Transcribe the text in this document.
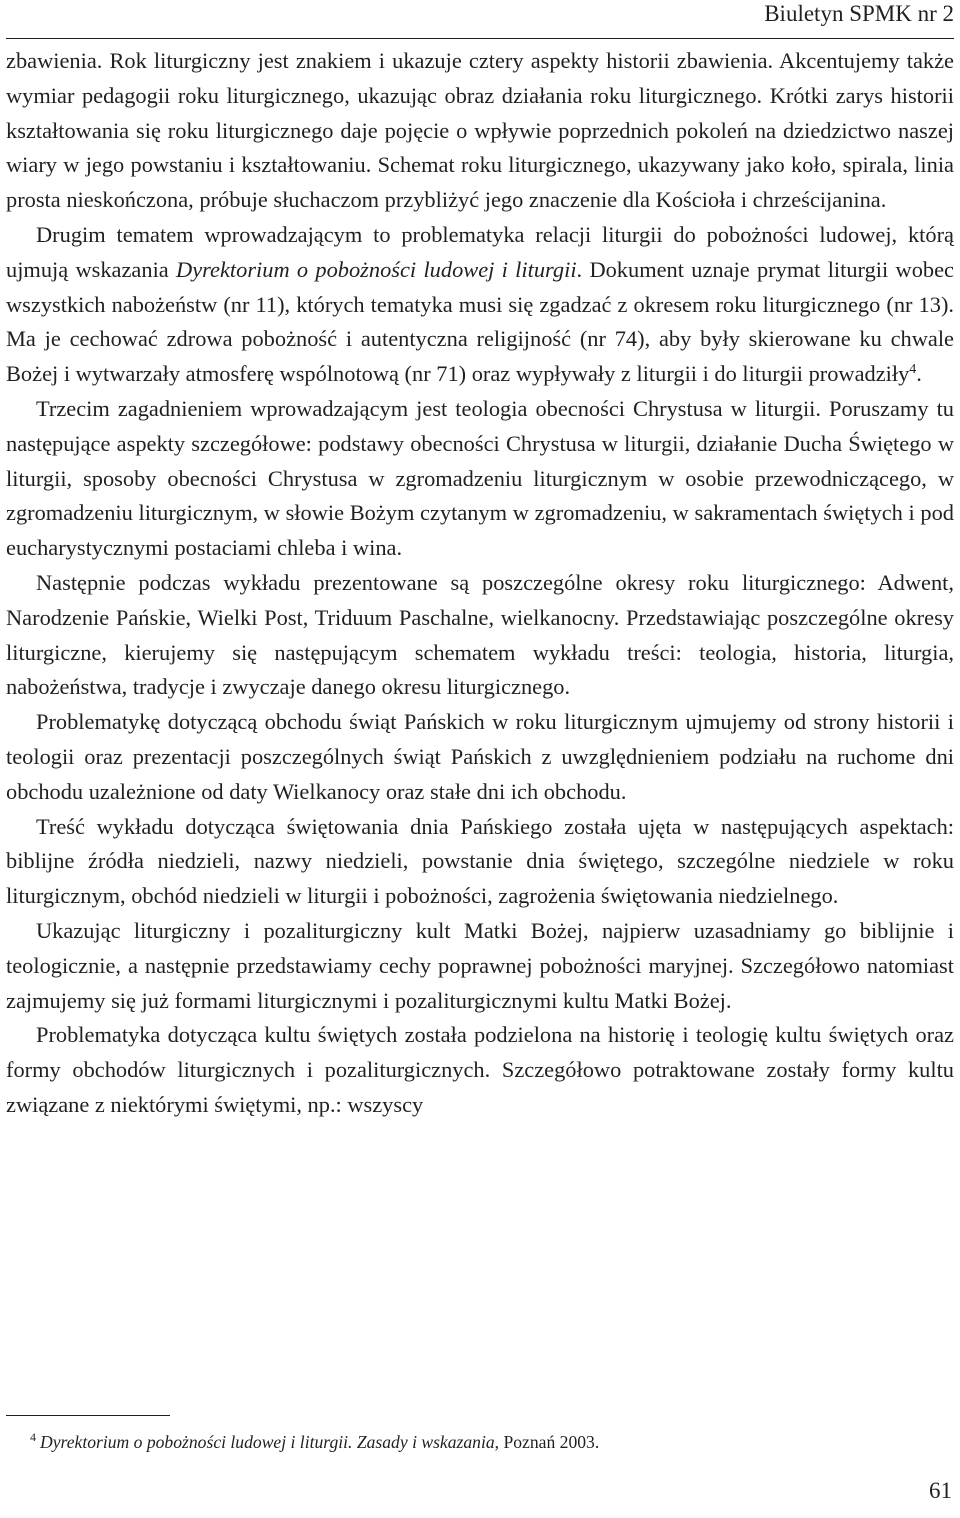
Biuletyn SPMK nr 2

zbawienia. Rok liturgiczny jest znakiem i ukazuje cztery aspekty historii zbawienia. Akcentujemy także wymiar pedagogii roku liturgicznego, ukazując obraz działania roku liturgicznego. Krótki zarys historii kształtowania się roku liturgicznego daje pojęcie o wpływie poprzednich pokoleń na dziedzictwo naszej wiary w jego powstaniu i kształtowaniu. Schemat roku liturgicznego, ukazywany jako koło, spirala, linia prosta nieskończona, próbuje słuchaczom przybliżyć jego znaczenie dla Kościoła i chrześcijanina.

Drugim tematem wprowadzającym to problematyka relacji liturgii do pobożności ludowej, którą ujmują wskazania Dyrektorium o pobożności ludowej i liturgii. Dokument uznaje prymat liturgii wobec wszystkich nabożeństw (nr 11), których tematyka musi się zgadzać z okresem roku liturgicznego (nr 13). Ma je cechować zdrowa pobożność i autentyczna religijność (nr 74), aby były skierowane ku chwale Bożej i wytwarzały atmosferę wspólnotową (nr 71) oraz wypływały z liturgii i do liturgii prowadziły$^4$.

Trzecim zagadnieniem wprowadzającym jest teologia obecności Chrystusa w liturgii. Poruszamy tu następujące aspekty szczegółowe: podstawy obecności Chrystusa w liturgii, działanie Ducha Świętego w liturgii, sposoby obecności Chrystusa w zgromadzeniu liturgicznym w osobie przewodniczącego, w zgromadzeniu liturgicznym, w słowie Bożym czytanym w zgromadzeniu, w sakramentach świętych i pod eucharystycznymi postaciami chleba i wina.

Następnie podczas wykładu prezentowane są poszczególne okresy roku liturgicznego: Adwent, Narodzenie Pańskie, Wielki Post, Triduum Paschalne, wielkanocny. Przedstawiając poszczególne okresy liturgiczne, kierujemy się następującym schematem wykładu treści: teologia, historia, liturgia, nabożeństwa, tradycje i zwyczaje danego okresu liturgicznego.

Problematykę dotyczącą obchodu świąt Pańskich w roku liturgicznym ujmujemy od strony historii i teologii oraz prezentacji poszczególnych świąt Pańskich z uwzględnieniem podziału na ruchome dni obchodu uzależnione od daty Wielkanocy oraz stałe dni ich obchodu.

Treść wykładu dotycząca świętowania dnia Pańskiego została ujęta w następujących aspektach: biblijne źródła niedzieli, nazwy niedzieli, powstanie dnia świętego, szczególne niedziele w roku liturgicznym, obchód niedzieli w liturgii i pobożności, zagrożenia świętowania niedzielnego.

Ukazując liturgiczny i pozaliturgiczny kult Matki Bożej, najpierw uzasadniamy go biblijnie i teologicznie, a następnie przedstawiamy cechy poprawnej pobożności maryjnej. Szczegółowo natomiast zajmujemy się już formami liturgicznymi i pozaliturgicznymi kultu Matki Bożej.

Problematyka dotycząca kultu świętych została podzielona na historię i teologię kultu świętych oraz formy obchodów liturgicznych i pozaliturgicznych. Szczegółowo potraktowane zostały formy kultu związane z niektórymi świętymi, np.: wszyscy

$^4$ Dyrektorium o pobożności ludowej i liturgii. Zasady i wskazania, Poznań 2003.
61
